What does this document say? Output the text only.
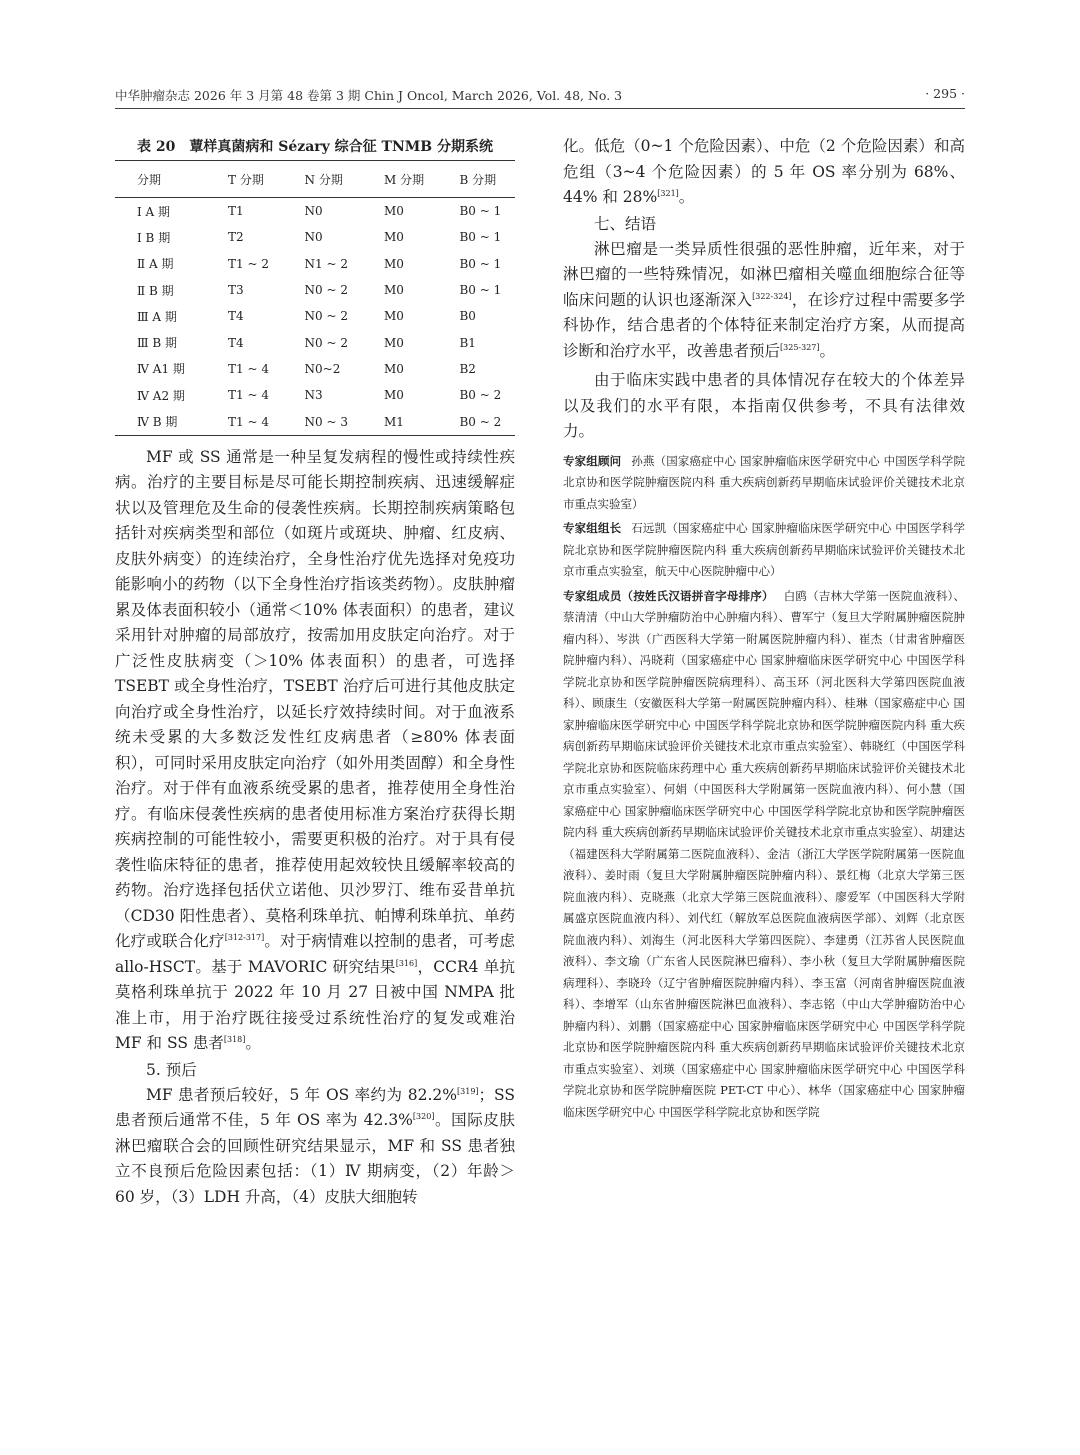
中华肿瘤杂志 2026 年 3 月第 48 卷第 3 期 Chin J Oncol, March 2026, Vol. 48, No. 3	· 295 ·
表 20 蕈样真菌病和 Sézary 综合征 TNMB 分期系统
分期	T 分期	N 分期	M 分期	B 分期
Ⅰ A 期	T1	N0	M0	B0 ~ 1
Ⅰ B 期	T2	N0	M0	B0 ~ 1
Ⅱ A 期	T1 ~ 2	N1 ~ 2	M0	B0 ~ 1
Ⅱ B 期	T3	N0 ~ 2	M0	B0 ~ 1
Ⅲ A 期	T4	N0 ~ 2	M0	B0
Ⅲ B 期	T4	N0 ~ 2	M0	B1
Ⅳ A1 期	T1 ~ 4	N0~2	M0	B2
Ⅳ A2 期	T1 ~ 4	N3	M0	B0 ~ 2
Ⅳ B 期	T1 ~ 4	N0 ~ 3	M1	B0 ~ 2

MF 或 SS 通常是一种呈复发病程的慢性或持续性疾病。治疗的主要目标是尽可能长期控制疾病、迅速缓解症状以及管理危及生命的侵袭性疾病。长期控制疾病策略包括针对疾病类型和部位（如斑片或斑块、肿瘤、红皮病、皮肤外病变）的连续治疗，全身性治疗优先选择对免疫功能影响小的药物（以下全身性治疗指该类药物）。皮肤肿瘤累及体表面积较小（通常＜10% 体表面积）的患者，建议采用针对肿瘤的局部放疗，按需加用皮肤定向治疗。对于广泛性皮肤病变（＞10% 体表面积）的患者，可选择 TSEBT 或全身性治疗，TSEBT 治疗后可进行其他皮肤定向治疗或全身性治疗，以延长疗效持续时间。对于血液系统未受累的大多数泛发性红皮病患者（≥80% 体表面积），可同时采用皮肤定向治疗（如外用类固醇）和全身性治疗。对于伴有血液系统受累的患者，推荐使用全身性治疗。有临床侵袭性疾病的患者使用标准方案治疗获得长期疾病控制的可能性较小，需要更积极的治疗。对于具有侵袭性临床特征的患者，推荐使用起效较快且缓解率较高的药物。治疗选择包括伏立诺他、贝沙罗汀、维布妥昔单抗（CD30 阳性患者）、莫格利珠单抗、帕博利珠单抗、单药化疗或联合化疗[312-317]。对于病情难以控制的患者，可考虑 allo-HSCT。基于 MAVORIC 研究结果[316]，CCR4 单抗莫格利珠单抗于 2022 年 10 月 27 日被中国 NMPA 批准上市，用于治疗既往接受过系统性治疗的复发或难治 MF 和 SS 患者[318]。

5. 预后

MF 患者预后较好，5 年 OS 率约为 82.2%[319]；SS 患者预后通常不佳，5 年 OS 率为 42.3%[320]。国际皮肤淋巴瘤联合会的回顾性研究结果显示，MF 和 SS 患者独立不良预后危险因素包括：（1）Ⅳ 期病变，（2）年龄＞60 岁，（3）LDH 升高，（4）皮肤大细胞转

化。低危（0~1 个危险因素）、中危（2 个危险因素）和高危组（3~4 个危险因素）的 5 年 OS 率分别为 68%、44% 和 28%[321]。

七、结语

淋巴瘤是一类异质性很强的恶性肿瘤，近年来，对于淋巴瘤的一些特殊情况，如淋巴瘤相关噬血细胞综合征等临床问题的认识也逐渐深入[322-324]，在诊疗过程中需要多学科协作，结合患者的个体特征来制定治疗方案，从而提高诊断和治疗水平，改善患者预后[325-327]。

由于临床实践中患者的具体情况存在较大的个体差异以及我们的水平有限，本指南仅供参考，不具有法律效力。

专家组顾问 孙燕（国家癌症中心 国家肿瘤临床医学研究中心 中国医学科学院北京协和医学院肿瘤医院内科 重大疾病创新药早期临床试验评价关键技术北京市重点实验室）

专家组组长 石远凯（国家癌症中心 国家肿瘤临床医学研究中心 中国医学科学院北京协和医学院肿瘤医院内科 重大疾病创新药早期临床试验评价关键技术北京市重点实验室，航天中心医院肿瘤中心）

专家组成员（按姓氏汉语拼音字母排序） 白鸥（吉林大学第一医院血液科）、蔡清清（中山大学肿瘤防治中心肿瘤内科）、曹军宁（复旦大学附属肿瘤医院肿瘤内科）、岑洪（广西医科大学第一附属医院肿瘤内科）、崔杰（甘肃省肿瘤医院肿瘤内科）、冯晓莉（国家癌症中心 国家肿瘤临床医学研究中心 中国医学科学院北京协和医学院肿瘤医院病理科）、高玉环（河北医科大学第四医院血液科）、顾康生（安徽医科大学第一附属医院肿瘤内科）、桂琳（国家癌症中心 国家肿瘤临床医学研究中心 中国医学科学院北京协和医学院肿瘤医院内科 重大疾病创新药早期临床试验评价关键技术北京市重点实验室）、韩晓红（中国医学科学院北京协和医院临床药理中心 重大疾病创新药早期临床试验评价关键技术北京市重点实验室）、何娟（中国医科大学附属第一医院血液内科）、何小慧（国家癌症中心 国家肿瘤临床医学研究中心 中国医学科学院北京协和医学院肿瘤医院内科 重大疾病创新药早期临床试验评价关键技术北京市重点实验室）、胡建达（福建医科大学附属第二医院血液科）、金洁（浙江大学医学院附属第一医院血液科）、姜时雨（复旦大学附属肿瘤医院肿瘤内科）、景红梅（北京大学第三医院血液内科）、克晓燕（北京大学第三医院血液科）、廖爱军（中国医科大学附属盛京医院血液内科）、刘代红（解放军总医院血液病医学部）、刘辉（北京医院血液内科）、刘海生（河北医科大学第四医院）、李建勇（江苏省人民医院血液科）、李文瑜（广东省人民医院淋巴瘤科）、李小秋（复旦大学附属肿瘤医院病理科）、李晓玲（辽宁省肿瘤医院肿瘤内科）、李玉富（河南省肿瘤医院血液科）、李增军（山东省肿瘤医院淋巴血液科）、李志铭（中山大学肿瘤防治中心肿瘤内科）、刘鹏（国家癌症中心 国家肿瘤临床医学研究中心 中国医学科学院北京协和医学院肿瘤医院内科 重大疾病创新药早期临床试验评价关键技术北京市重点实验室）、刘瑛（国家癌症中心 国家肿瘤临床医学研究中心 中国医学科学院北京协和医学院肿瘤医院 PET-CT 中心）、林华（国家癌症中心 国家肿瘤临床医学研究中心 中国医学科学院北京协和医学院
